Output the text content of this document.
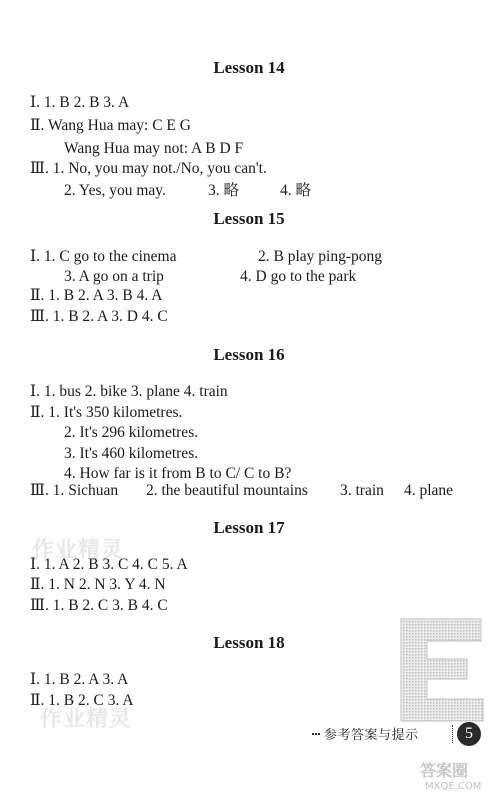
作业精灵
作业精灵
Lesson 14
Ⅰ. 1. B 2. B 3. A
Ⅱ. Wang Hua may: C E G
Wang Hua may not: A B D F
Ⅲ. 1. No, you may not./No, you can't.
2. Yes, you may.	3. 略	4. 略
Lesson 15
Ⅰ. 1. C go to the cinema	2. B play ping-pong
3. A go on a trip	4. D go to the park
Ⅱ. 1. B 2. A 3. B 4. A
Ⅲ. 1. B 2. A 3. D 4. C
Lesson 16
Ⅰ. 1. bus 2. bike 3. plane 4. train
Ⅱ. 1. It's 350 kilometres.
2. It's 296 kilometres.
3. It's 460 kilometres.
4. How far is it from B to C/ C to B?
Ⅲ. 1. Sichuan 2. the beautiful mountains 3. train 4. plane
Lesson 17
Ⅰ. 1. A 2. B 3. C 4. C 5. A
Ⅱ. 1. N 2. N 3. Y 4. N
Ⅲ. 1. B 2. C 3. B 4. C
Lesson 18
Ⅰ. 1. B 2. A 3. A
Ⅱ. 1. B 2. C 3. A
参考答案与提示	5
答案圈
MXQE.COM
